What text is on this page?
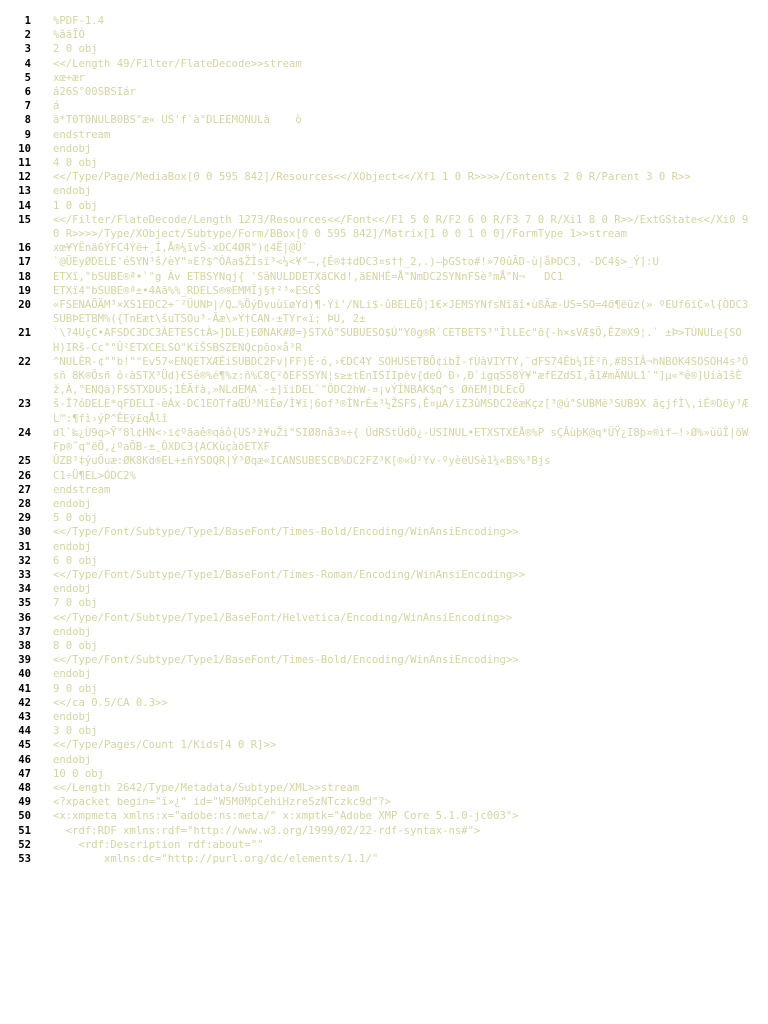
1	%PDF-1.4
2	%âãÏÓ
3	2 0 obj
4	<</Length 49/Filter/FlateDecode>>stream
5	xœ+ær
6	á26S°00SBSIár
7	á
8	ä*T0T0NULB0BS"æ« US'f`à"DLEEMONULä    ò
9	endstream
10	endobj
11	4 0 obj
12	<</Type/Page/MediaBox[0 0 595 842]/Resources<</XObject<</Xf1 1 0 R>>>>/Contents 2 0 R/Parent 3 0 R>>
13	endobj
14	1 0 obj
15	<</Filter/FlateDecode/Length 1273/Resources<</Font<</F1 5 0 R/F2 6 0 R/F3 7 0 R/Xi1 8 0 R>>/ExtGState<</Xi0 9 0 R>>>>/Type/XObject/Subtype/Form/BBox[0 0 595 842]/Matrix[1 0 0 1 0 0]/FormType 1>>stream
16	xœ¥YËnä6ÝFC4Ýë+¸Í,Å®¼ïvŠ-xDC4ØR")¢4Ë|@Ü`
17	`@ÜEyØDELE'éSYN³š/èY"¤E?$^ÔAa$ŽÌsï³<¼<¥"—,{É®‡‡dDC3¤s††_2,.)—þGSto#!»70ûÃD-ù|åÞDC3, -DC4§>_Ý]:U
18	ETXï,"bSUBE®ª•`"g Àv ETBSYNqj{ 'SâNULDDETXãCKd!,ãENHÉ=Å"NmDC2SYNnFSè³mÅ"N¬   DC1
19	ETXï4"bSUBE®ª±•4Aã%%_RDELS®®EMMÏj§†²³«ESCŠ
20	«FSENAÕÄM³×XS1EDC2+¨²ÜUNÞ|/Q…%ÕýÐvuùïøYd)¶-Ýi'/NLi$-ûBELEÕ¦1€×JEMSYNfsNïäî•ùßÄæ-US=SO=4õ¶ëüz(» ºEUf6ïC»l{ÒDC3SUBÞETBM%({TnEæt\šuTSOu³-Ãæ\»Ý†CAN-±TYr«ï; ÞU, 2±
21	`\?4UçC•AFSDC3DC3ÀETESCtÀ>]DLE)EØNAK#Ø=}STXô"SUBUESO$Ú"Y0g®R`CETBETS³"ÏlLEc"õ{-h×sVÆ$Ö,ÊZ®X9¦.` ±Þ>TÙNULe{SOH)IRš-Cc""Û²ETXCELSO"KïŠSBSZENQcpöo×å³R
22	^NULÈR-¢""b!""Ev57«ENQETXÆÉiSUBDC2Fv|FF)È·ó,›€DC4Y SOHUSETBÕ¢ibÎ-fÙàVIYTY,¨dFS74Êb¼IÈ²ñ,#8SIÂ¬hNBOK4SOSOH4s³Ósñ 8K®Õsñ ô‹àSTX³Üd)€Sé®%é¶%z:ñ%C8Ç²ðEFSSYN¦s≥±tEnISIIpèv{deÓ Ð›,Ð`igqSS8Ý¥"æfEZdSI,å1#mÄNUL1`"]µ«*ê®]Uíà1šÈž,À,°ENQä)FSSTXDUS;1ÈÃfà,»NLdEMA`-±]ïiDEL`"ÔDC2hW-¤¡vÝÍNBAK$q^s ØñEM|DLEcÖ
23	š-Î?óDELE*qFDELI-èÁx-DC1EOTfaŒÛ³MïÈø/Ì¥ï¦6of³®ÍNrÉ±³½ŽSFS,Ê¤µA/ïZ3ûMSDC2ëæKçz[³@ú"SUBMë³SUB9X ãçjfÌ\,iÉ®Dëy³ÆL™:¶fì›ýP^ÊEÿ£qÅlî
24	dl`‰¿Ù9q>Ÿ"8l¢HN<›i¢ºãaê®qàô{US³ž¥uŽi"SIØ8nå3¤÷{ ÚdRStÙdÓ¿-USINUL•ETXSTXÈÅ®%P sÇÂùþK@q*ÜŸ¿I8þ¤®ìf—!›Ø%»ùüÎ|öWFp®˜q"ëÕ,¿ºaÕB-±¸ÔXDC3{ACKùçàöETXF
25	ÛZB³‡ýuÖuæ:ØK8Kd®EL+±ñYSOQR|Ý³Øqæ«ICANSUBESCB%DC2FZ³K[®«Û²Yv-ºyèëUSè1¼«BS%³Bjs
26	C1÷Ü¶EL>ÓDC2%
27	endstream
28	endobj
29	5 0 obj
30	<</Type/Font/Subtype/Type1/BaseFont/Times-Bold/Encoding/WinAnsiEncoding>>
31	endobj
32	6 0 obj
33	<</Type/Font/Subtype/Type1/BaseFont/Times-Roman/Encoding/WinAnsiEncoding>>
34	endobj
35	7 0 obj
36	<</Type/Font/Subtype/Type1/BaseFont/Helvetica/Encoding/WinAnsiEncoding>>
37	endobj
38	8 0 obj
39	<</Type/Font/Subtype/Type1/BaseFont/Times-Bold/Encoding/WinAnsiEncoding>>
40	endobj
41	9 0 obj
42	<</ca 0.5/CA 0.3>>
43	endobj
44	3 0 obj
45	<</Type/Pages/Count 1/Kids[4 0 R]>>
46	endobj
47	10 0 obj
48	<</Length 2642/Type/Metadata/Subtype/XML>>stream
49	<?xpacket begin="ï»¿" id="W5M0MpCehiHzreSzNTczkc9d"?>
50	<x:xmpmeta xmlns:x="adobe:ns:meta/" x:xmptk="Adobe XMP Core 5.1.0-jc003">
51	<rdf:RDF xmlns:rdf="http://www.w3.org/1999/02/22-rdf-syntax-ns#">
52	<rdf:Description rdf:about=""
53	xmlns:dc="http://purl.org/dc/elements/1.1/"
